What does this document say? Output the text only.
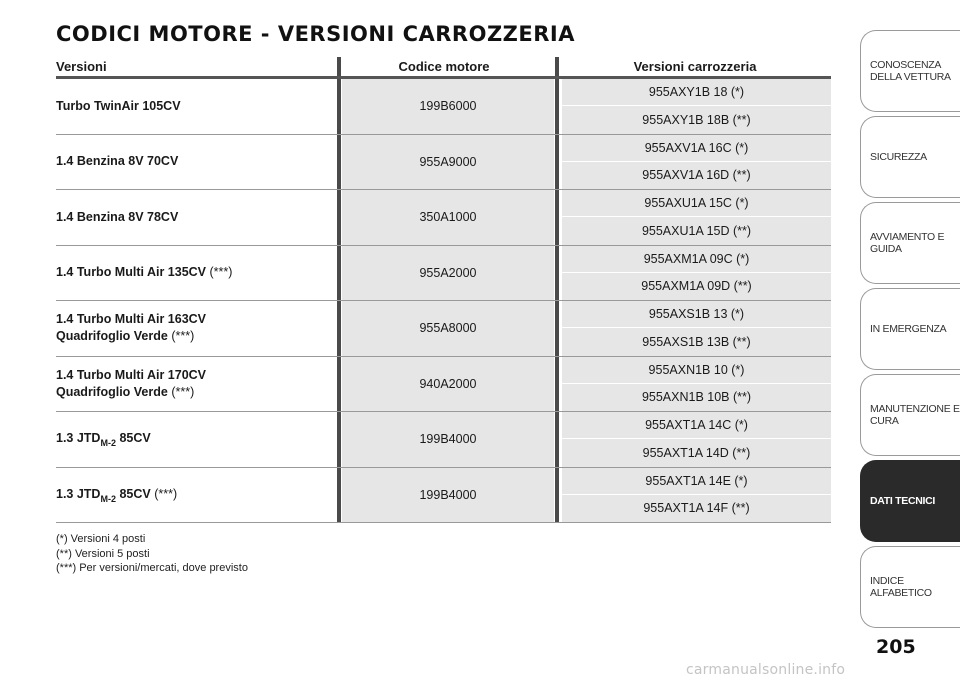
CODICI MOTORE - VERSIONI CARROZZERIA
Versioni	Codice motore	Versioni carrozzeria
Turbo TwinAir 105CV	199B6000
955AXY1B 18 (*)
955AXY1B 18B (**)
1.4 Benzina 8V 70CV	955A9000
955AXV1A 16C (*)
955AXV1A 16D (**)
1.4 Benzina 8V 78CV	350A1000
955AXU1A 15C (*)
955AXU1A 15D (**)
1.4 Turbo Multi Air 135CV (***)	955A2000
955AXM1A 09C (*)
955AXM1A 09D (**)
1.4 Turbo Multi Air 163CV
Quadrifoglio Verde (***)
955A8000
955AXS1B 13 (*)
955AXS1B 13B (**)
1.4 Turbo Multi Air 170CV
Quadrifoglio Verde (***)
940A2000
955AXN1B 10 (*)
955AXN1B 10B (**)
1.3 $JTD_{M-2}$ 85CV	199B4000
955AXT1A 14C (*)
955AXT1A 14D (**)
1.3 $JTD_{M-2}$ 85CV (***)	199B4000
955AXT1A 14E (*)
955AXT1A 14F (**)
(*) Versioni 4 posti
(**) Versioni 5 posti
(***) Per versioni/mercati, dove previsto
CONOSCENZA
DELLA VETTURA
SICUREZZA
AVVIAMENTO E
GUIDA
IN EMERGENZA
MANUTENZIONE E
CURA
DATI TECNICI
INDICE ALFABETICO
205
carmanualsonline.info
